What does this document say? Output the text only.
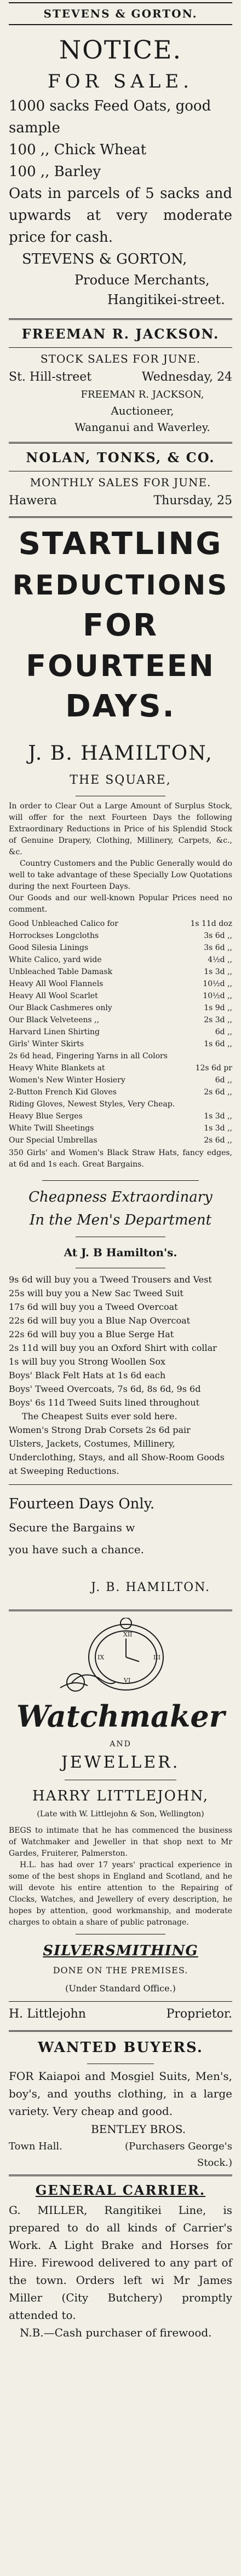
STEVENS & GORTON.

NOTICE.

FOR SALE.

1000 sacks Feed Oats, good sample

100 ,, Chick Wheat

100 ,, Barley

Oats in parcels of 5 sacks and upwards at very moderate price for cash.

STEVENS & GORTON,

Produce Merchants,

Hangitikei-street.

FREEMAN R. JACKSON.

STOCK SALES FOR JUNE.

St. Hill-street	Wednesday, 24

FREEMAN R. JACKSON,

Auctioneer,

Wanganui and Waverley.

NOLAN, TONKS, & CO.

MONTHLY SALES FOR JUNE.

Hawera	Thursday, 25

STARTLING

REDUCTIONS

FOR

FOURTEEN

DAYS.

J. B. HAMILTON,

THE SQUARE,

In order to Clear Out a Large Amount of Surplus Stock, will offer for the next Fourteen Days the following Extraordinary Reductions in Price of his Splendid Stock of Genuine Drapery, Clothing, Millinery, Carpets, &c., &c.

Country Customers and the Public Generally would do well to take advantage of these Specially Low Quotations during the next Fourteen Days.

Our Goods and our well-known Popular Prices need no comment.

Good Unbleached Calico for	1s 11d doz
Horrockses Longcloths	3s 6d ,,
Good Silesia Linings	3s 6d ,,
White Calico, yard wide	4½d ,,
Unbleached Table Damask	1s 3d ,,
Heavy All Wool Flannels	10½d ,,
Heavy All Wool Scarlet	10½d ,,
Our Black Cashmeres only	1s 9d ,,
Our Black Velveteens ,,	2s 3d ,,
Harvard Linen Shirting	6d ,,
Girls' Winter Skirts	1s 6d ,,
2s 6d head, Fingering Yarns in all Colors
Heavy White Blankets at	12s 6d pr
Women's New Winter Hosiery	6d ,,
2-Button French Kid Gloves	2s 6d ,,
Riding Gloves, Newest Styles, Very Cheap.
Heavy Blue Serges	1s 3d ,,
White Twill Sheetings	1s 3d ,,
Our Special Umbrellas	2s 6d ,,

350 Girls' and Women's Black Straw Hats, fancy edges, at 6d and 1s each. Great Bargains.

Cheapness Extraordinary

In the Men's Department

At J. B Hamilton's.

9s 6d will buy you a Tweed Trousers and Vest

25s will buy you a New Sac Tweed Suit

17s 6d will buy you a Tweed Overcoat

22s 6d will buy you a Blue Nap Overcoat

22s 6d will buy you a Blue Serge Hat

2s 11d will buy you an Oxford Shirt with collar

1s will buy you Strong Woollen Sox

Boys' Black Felt Hats at 1s 6d each

Boys' Tweed Overcoats, 7s 6d, 8s 6d, 9s 6d

Boys' 6s 11d Tweed Suits lined throughout

The Cheapest Suits ever sold here.

Women's Strong Drab Corsets 2s 6d pair

Ulsters, Jackets, Costumes, Millinery, Underclothing, Stays, and all Show-Room Goods at Sweeping Reductions.

Fourteen Days Only.

Secure the Bargains w

you have such a chance.

J. B. HAMILTON.

XII
III
VI
IX

Watchmaker

AND

JEWELLER.

HARRY LITTLEJOHN,

(Late with W. Littlejohn & Son, Wellington)

BEGS to intimate that he has commenced the business of Watchmaker and Jeweller in that shop next to Mr Gardes, Fruiterer, Palmerston.

H.L. has had over 17 years' practical experience in some of the best shops in England and Scotland, and he will devote his entire attention to the Repairing of Clocks, Watches, and Jewellery of every description, he hopes by attention, good workmanship, and moderate charges to obtain a share of public patronage.

SILVERSMITHING

DONE ON THE PREMISES.

(Under Standard Office.)

H. Littlejohn	Proprietor.

WANTED BUYERS.

FOR Kaiapoi and Mosgiel Suits, Men's, boy's, and youths clothing, in a large variety. Very cheap and good.

BENTLEY BROS.

Town Hall.	(Purchasers George's Stock.)

GENERAL CARRIER.

G. MILLER, Rangitikei Line, is prepared to do all kinds of Carrier's Work. A Light Brake and Horses for Hire. Firewood delivered to any part of the town. Orders left wi Mr James Miller (City Butchery) promptly attended to.

N.B.—Cash purchaser of firewood.
